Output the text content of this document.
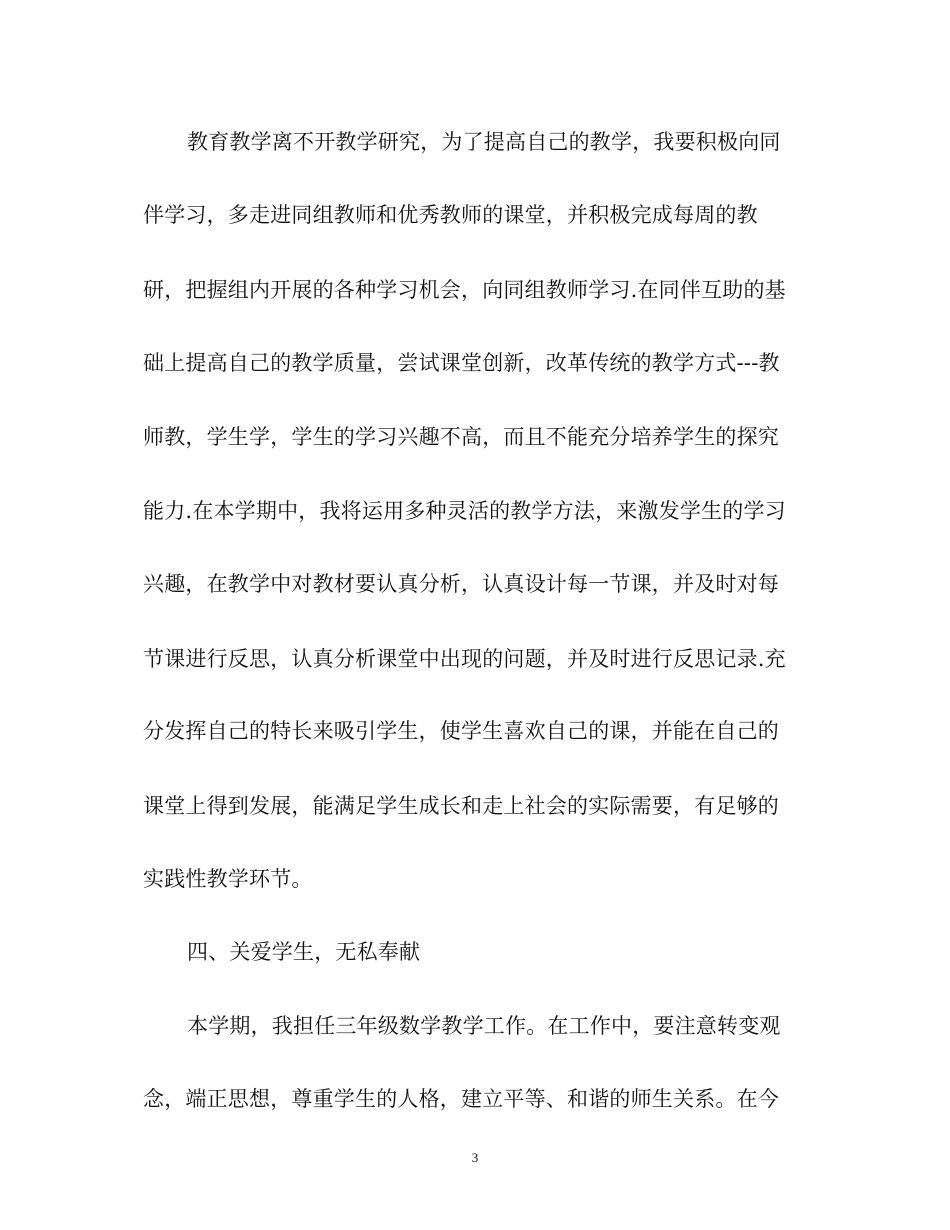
教育教学离不开教学研究，为了提高自己的教学，我要积极向同
伴学习，多走进同组教师和优秀教师的课堂，并积极完成每周的教
研，把握组内开展的各种学习机会，向同组教师学习.在同伴互助的基
础上提高自己的教学质量，尝试课堂创新，改革传统的教学方式---教
师教，学生学，学生的学习兴趣不高，而且不能充分培养学生的探究
能力.在本学期中，我将运用多种灵活的教学方法，来激发学生的学习
兴趣，在教学中对教材要认真分析，认真设计每一节课，并及时对每
节课进行反思，认真分析课堂中出现的问题，并及时进行反思记录.充
分发挥自己的特长来吸引学生，使学生喜欢自己的课，并能在自己的
课堂上得到发展，能满足学生成长和走上社会的实际需要，有足够的
实践性教学环节。
四、关爱学生，无私奉献
本学期，我担任三年级数学教学工作。在工作中，要注意转变观
念，端正思想，尊重学生的人格，建立平等、和谐的师生关系。在今
3
